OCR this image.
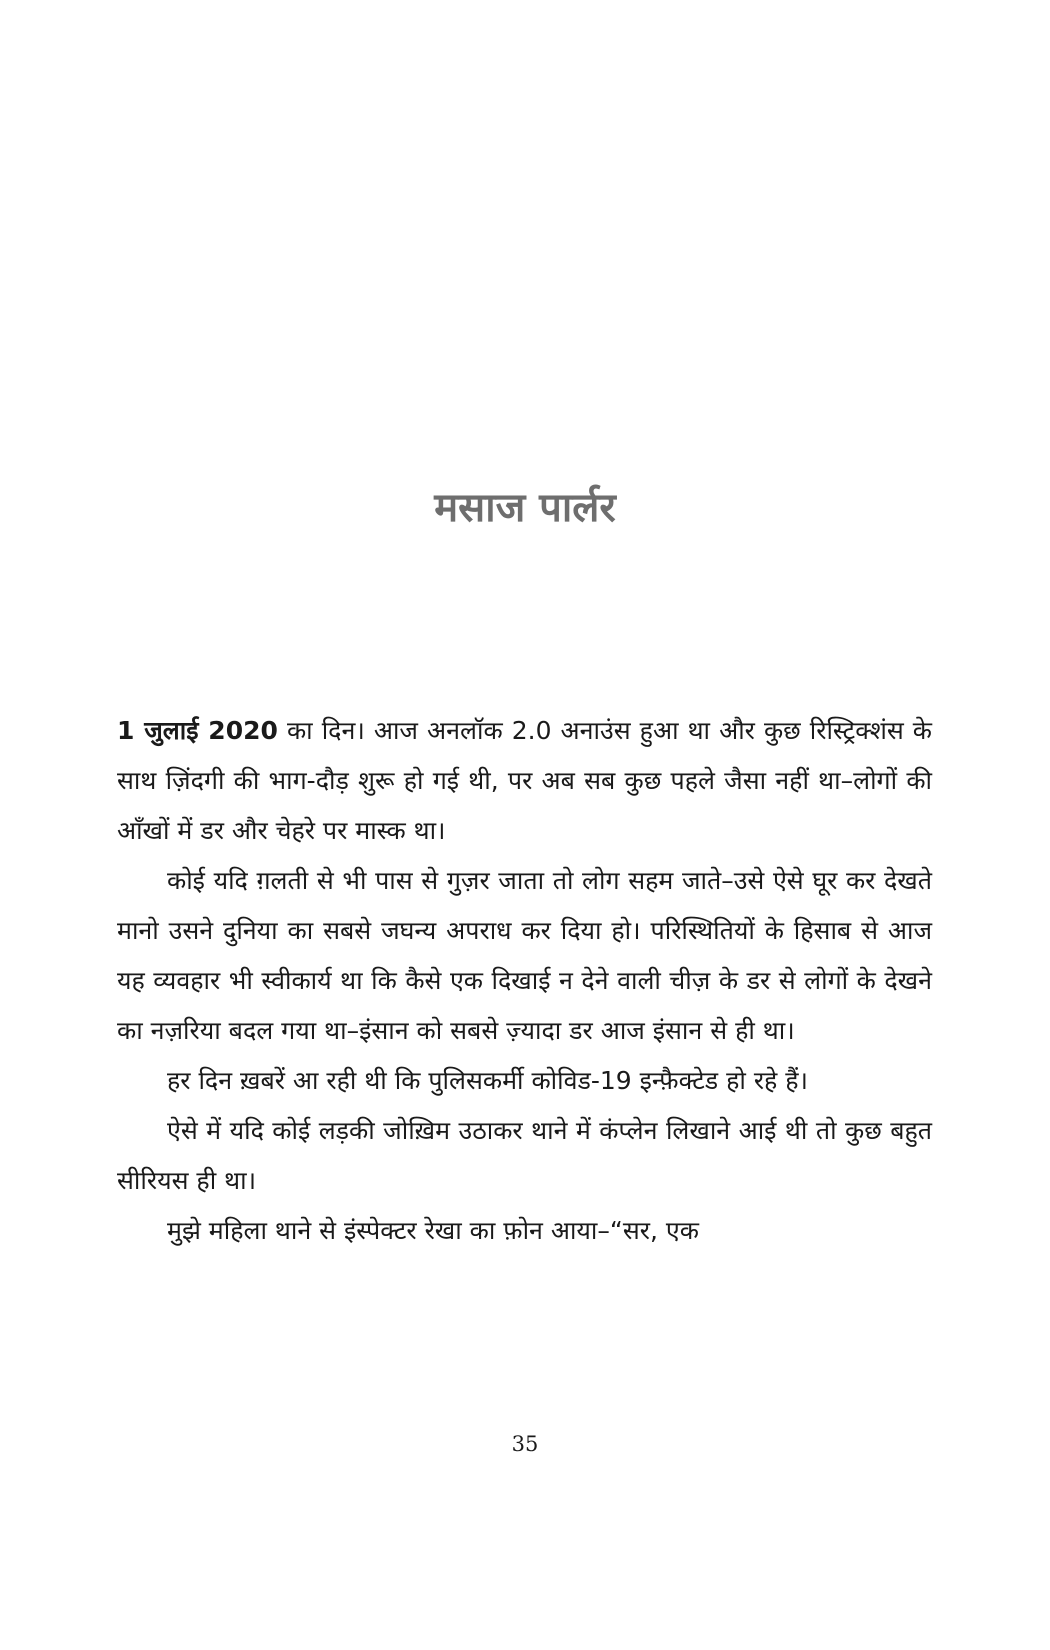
मसाज पार्लर

1 जुलाई 2020 का दिन। आज अनलॉक 2.0 अनाउंस हुआ था और कुछ रिस्ट्रिक्शंस के साथ ज़िंदगी की भाग-दौड़ शुरू हो गई थी, पर अब सब कुछ पहले जैसा नहीं था–लोगों की आँखों में डर और चेहरे पर मास्क था।

कोई यदि ग़लती से भी पास से गुज़र जाता तो लोग सहम जाते–उसे ऐसे घूर कर देखते मानो उसने दुनिया का सबसे जघन्य अपराध कर दिया हो। परिस्थितियों के हिसाब से आज यह व्यवहार भी स्वीकार्य था कि कैसे एक दिखाई न देने वाली चीज़ के डर से लोगों के देखने का नज़रिया बदल गया था–इंसान को सबसे ज़्यादा डर आज इंसान से ही था।

हर दिन ख़बरें आ रही थी कि पुलिसकर्मी कोविड-19 इन्फ़ैक्टेड हो रहे हैं।

ऐसे में यदि कोई लड़की जोख़िम उठाकर थाने में कंप्लेन लिखाने आई थी तो कुछ बहुत सीरियस ही था।

मुझे महिला थाने से इंस्पेक्टर रेखा का फ़ोन आया–“सर, एक

35
